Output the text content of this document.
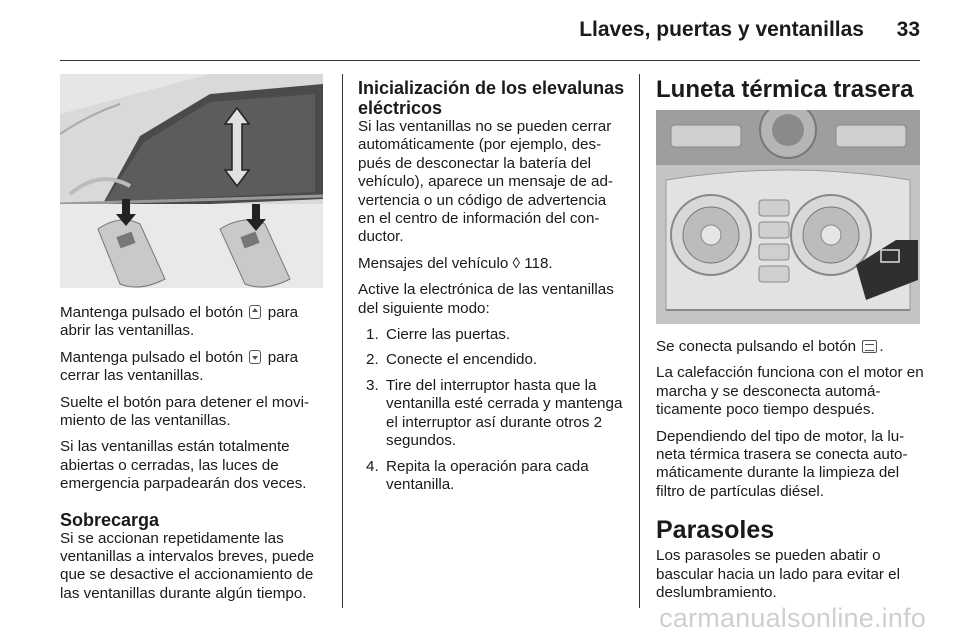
Llaves, puertas y ventanillas	33

Mantenga pulsado el botón para abrir las ventanillas.

Mantenga pulsado el botón para cerrar las ventanillas.

Suelte el botón para detener el movimiento de las ventanillas.

Si las ventanillas están totalmente abiertas o cerradas, las luces de emergencia parpadearán dos veces.

Sobrecarga

Si se accionan repetidamente las ventanillas a intervalos breves, puede que se desactive el accionamiento de las ventanillas durante algún tiempo.

Inicialización de los elevalunas eléctricos

Si las ventanillas no se pueden cerrar automáticamente (por ejemplo, después de desconectar la batería del vehículo), aparece un mensaje de advertencia o un código de advertencia en el centro de información del conductor.

Mensajes del vehículo ◊ 118.

Active la electrónica de las ventanillas del siguiente modo:

1. Cierre las puertas.
2. Conecte el encendido.
3. Tire del interruptor hasta que la ventanilla esté cerrada y mantenga el interruptor así durante otros 2 segundos.
4. Repita la operación para cada ventanilla.
Luneta térmica trasera

Se conecta pulsando el botón .

La calefacción funciona con el motor en marcha y se desconecta automáticamente poco tiempo después.

Dependiendo del tipo de motor, la luneta térmica trasera se conecta automáticamente durante la limpieza del filtro de partículas diésel.

Parasoles

Los parasoles se pueden abatir o bascular hacia un lado para evitar el deslumbramiento.

carmanualsonline.info
